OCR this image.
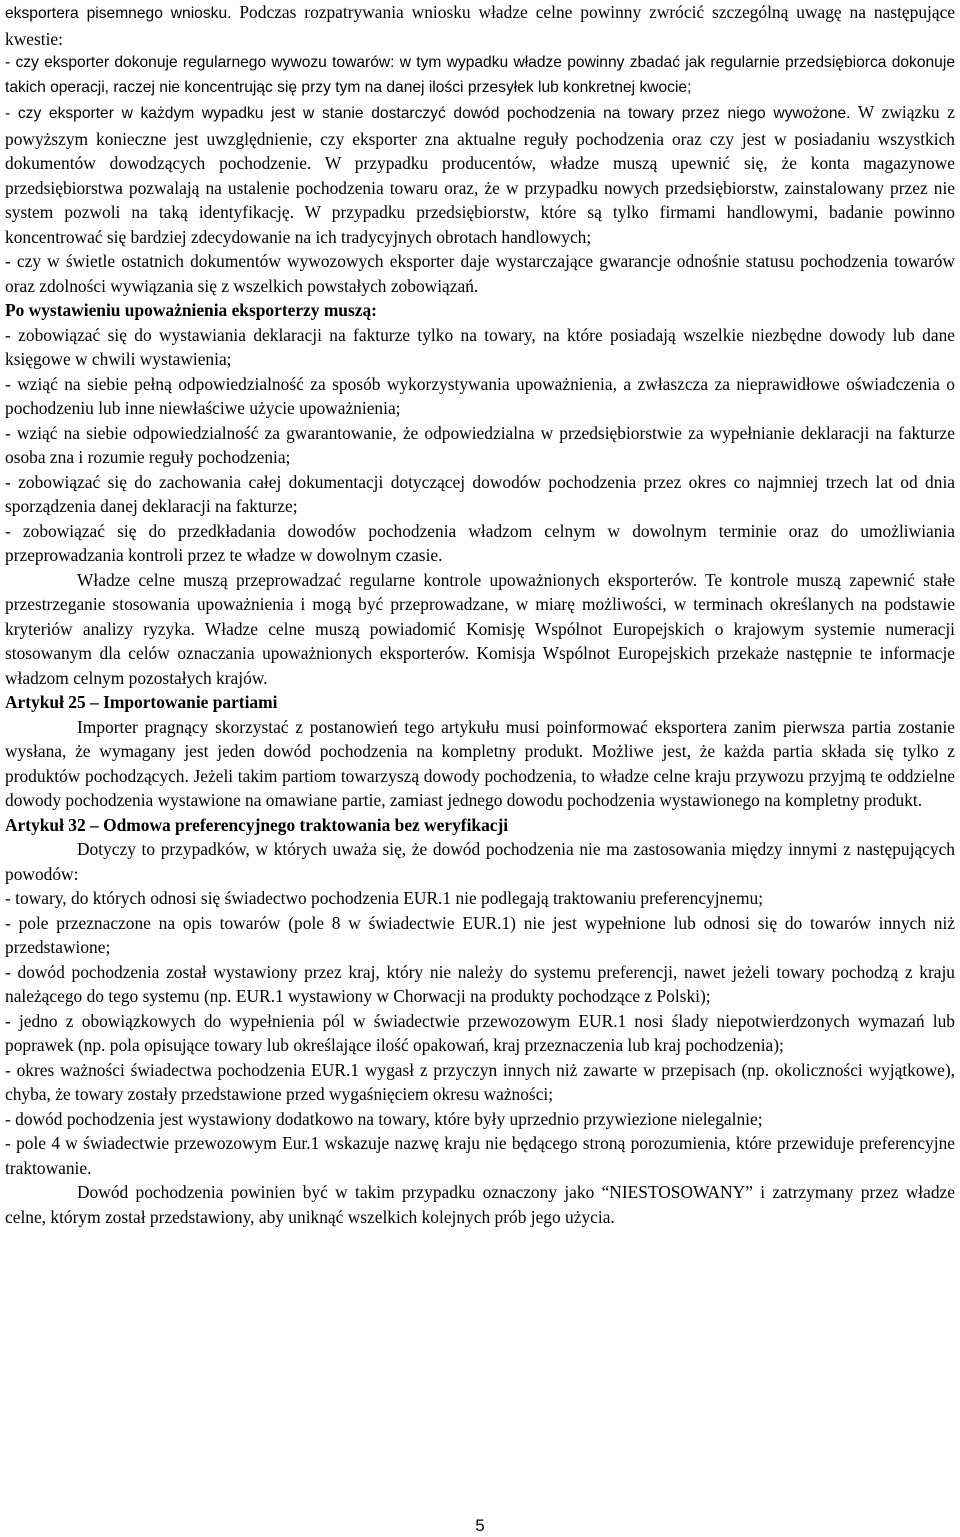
eksportera pisemnego wniosku. Podczas rozpatrywania wniosku władze celne powinny zwrócić szczególną uwagę na następujące kwestie:

- czy eksporter dokonuje regularnego wywozu towarów: w tym wypadku władze powinny zbadać jak regularnie przedsiębiorca dokonuje takich operacji, raczej nie koncentrując się przy tym na danej ilości przesyłek lub konkretnej kwocie;

- czy eksporter w każdym wypadku jest w stanie dostarczyć dowód pochodzenia na towary przez niego wywożone. W związku z powyższym konieczne jest uwzględnienie, czy eksporter zna aktualne reguły pochodzenia oraz czy jest w posiadaniu wszystkich dokumentów dowodzących pochodzenie. W przypadku producentów, władze muszą upewnić się, że konta magazynowe przedsiębiorstwa pozwalają na ustalenie pochodzenia towaru oraz, że w przypadku nowych przedsiębiorstw, zainstalowany przez nie system pozwoli na taką identyfikację. W przypadku przedsiębiorstw, które są tylko firmami handlowymi, badanie powinno koncentrować się bardziej zdecydowanie na ich tradycyjnych obrotach handlowych;

- czy w świetle ostatnich dokumentów wywozowych eksporter daje wystarczające gwarancje odnośnie statusu pochodzenia towarów oraz zdolności wywiązania się z wszelkich powstałych zobowiązań.

Po wystawieniu upoważnienia eksporterzy muszą:

- zobowiązać się do wystawiania deklaracji na fakturze tylko na towary, na które posiadają wszelkie niezbędne dowody lub dane księgowe w chwili wystawienia;

- wziąć na siebie pełną odpowiedzialność za sposób wykorzystywania upoważnienia, a zwłaszcza za nieprawidłowe oświadczenia o pochodzeniu lub inne niewłaściwe użycie upoważnienia;

- wziąć na siebie odpowiedzialność za gwarantowanie, że odpowiedzialna w przedsiębiorstwie za wypełnianie deklaracji na fakturze osoba zna i rozumie reguły pochodzenia;

- zobowiązać się do zachowania całej dokumentacji dotyczącej dowodów pochodzenia przez okres co najmniej trzech lat od dnia sporządzenia danej deklaracji na fakturze;

- zobowiązać się do przedkładania dowodów pochodzenia władzom celnym w dowolnym terminie oraz do umożliwiania przeprowadzania kontroli przez te władze w dowolnym czasie.

Władze celne muszą przeprowadzać regularne kontrole upoważnionych eksporterów. Te kontrole muszą zapewnić stałe przestrzeganie stosowania upoważnienia i mogą być przeprowadzane, w miarę możliwości, w terminach określanych na podstawie kryteriów analizy ryzyka. Władze celne muszą powiadomić Komisję Wspólnot Europejskich o krajowym systemie numeracji stosowanym dla celów oznaczania upoważnionych eksporterów. Komisja Wspólnot Europejskich przekaże następnie te informacje władzom celnym pozostałych krajów.

Artykuł 25 – Importowanie partiami

Importer pragnący skorzystać z postanowień tego artykułu musi poinformować eksportera zanim pierwsza partia zostanie wysłana, że wymagany jest jeden dowód pochodzenia na kompletny produkt. Możliwe jest, że każda partia składa się tylko z produktów pochodzących. Jeżeli takim partiom towarzyszą dowody pochodzenia, to władze celne kraju przywozu przyjmą te oddzielne dowody pochodzenia wystawione na omawiane partie, zamiast jednego dowodu pochodzenia wystawionego na kompletny produkt.

Artykuł 32 – Odmowa preferencyjnego traktowania bez weryfikacji

Dotyczy to przypadków, w których uważa się, że dowód pochodzenia nie ma zastosowania między innymi z następujących powodów:

- towary, do których odnosi się świadectwo pochodzenia EUR.1 nie podlegają traktowaniu preferencyjnemu;

- pole przeznaczone na opis towarów (pole 8 w świadectwie EUR.1) nie jest wypełnione lub odnosi się do towarów innych niż przedstawione;

- dowód pochodzenia został wystawiony przez kraj, który nie należy do systemu preferencji, nawet jeżeli towary pochodzą z kraju należącego do tego systemu (np. EUR.1 wystawiony w Chorwacji na produkty pochodzące z Polski);

- jedno z obowiązkowych do wypełnienia pól w świadectwie przewozowym EUR.1 nosi ślady niepotwierdzonych wymazań lub poprawek (np. pola opisujące towary lub określające ilość opakowań, kraj przeznaczenia lub kraj pochodzenia);

- okres ważności świadectwa pochodzenia EUR.1 wygasł z przyczyn innych niż zawarte w przepisach (np. okoliczności wyjątkowe), chyba, że towary zostały przedstawione przed wygaśnięciem okresu ważności;

- dowód pochodzenia jest wystawiony dodatkowo na towary, które były uprzednio przywiezione nielegalnie;

- pole 4 w świadectwie przewozowym Eur.1 wskazuje nazwę kraju nie będącego stroną porozumienia, które przewiduje preferencyjne traktowanie.

Dowód pochodzenia powinien być w takim przypadku oznaczony jako “NIESTOSOWANY” i zatrzymany przez władze celne, którym został przedstawiony, aby uniknąć wszelkich kolejnych prób jego użycia.

5
